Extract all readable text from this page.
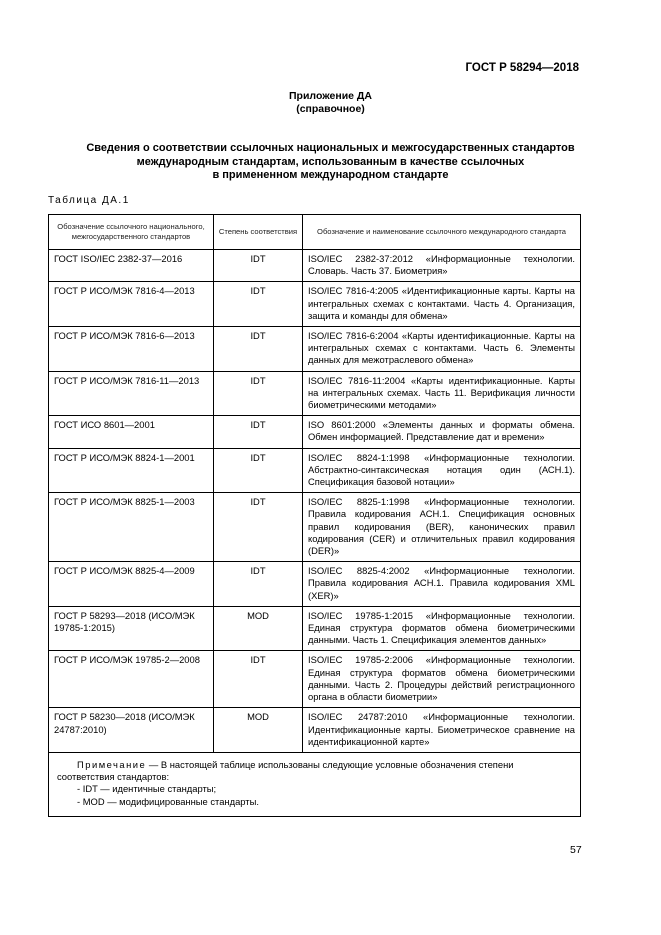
ГОСТ Р 58294—2018
Приложение ДА
(справочное)
Сведения о соответствии ссылочных национальных и межгосударственных стандартов
международным стандартам, использованным в качестве ссылочных
в примененном международном стандарте
Таблица ДА.1
Обозначение ссылочного национального, межгосударственного стандартов	Степень соответствия	Обозначение и наименование ссылочного международного стандарта
ГОСТ ISO/IEC 2382-37—2016	IDT	ISO/IEC 2382-37:2012 «Информационные технологии. Словарь. Часть 37. Биометрия»
ГОСТ Р ИСО/МЭК 7816-4—2013	IDT	ISO/IEC 7816-4:2005 «Идентификационные карты. Карты на интегральных схемах с контактами. Часть 4. Организация, защита и команды для обмена»
ГОСТ Р ИСО/МЭК 7816-6—2013	IDT	ISO/IEC 7816-6:2004 «Карты идентификационные. Карты на интегральных схемах с контактами. Часть 6. Элементы данных для межотраслевого обмена»
ГОСТ Р ИСО/МЭК 7816-11—2013	IDT	ISO/IEC 7816-11:2004 «Карты идентификационные. Карты на интегральных схемах. Часть 11. Верификация личности биометрическими методами»
ГОСТ ИСО 8601—2001	IDT	ISO 8601:2000 «Элементы данных и форматы обмена. Обмен информацией. Представление дат и времени»
ГОСТ Р ИСО/МЭК 8824-1—2001	IDT	ISO/IEC 8824-1:1998 «Информационные технологии. Абстрактно-синтаксическая нотация один (АСН.1). Спецификация базовой нотации»
ГОСТ Р ИСО/МЭК 8825-1—2003	IDT	ISO/IEC 8825-1:1998 «Информационные технологии. Правила кодирования АСН.1. Спецификация основных правил кодирования (BER), канонических правил кодирования (CER) и отличительных правил кодирования (DER)»
ГОСТ Р ИСО/МЭК 8825-4—2009	IDT	ISO/IEC 8825-4:2002 «Информационные технологии. Правила кодирования АСН.1. Правила кодирования XML (XER)»
ГОСТ Р 58293—2018 (ИСО/МЭК 19785-1:2015)	MOD	ISO/IEC 19785-1:2015 «Информационные технологии. Единая структура форматов обмена биометрическими данными. Часть 1. Спецификация элементов данных»
ГОСТ Р ИСО/МЭК 19785-2—2008	IDT	ISO/IEC 19785-2:2006 «Информационные технологии. Единая структура форматов обмена биометрическими данными. Часть 2. Процедуры действий регистрационного органа в области биометрии»
ГОСТ Р 58230—2018 (ИСО/МЭК 24787:2010)	MOD	ISO/IEC 24787:2010 «Информационные технологии. Идентификационные карты. Биометрическое сравнение на идентификационной карте»

Примечание — В настоящей таблице использованы следующие условные обозначения степени соответствия стандартов:
- IDT — идентичные стандарты;
- MOD — модифицированные стандарты.		
57
